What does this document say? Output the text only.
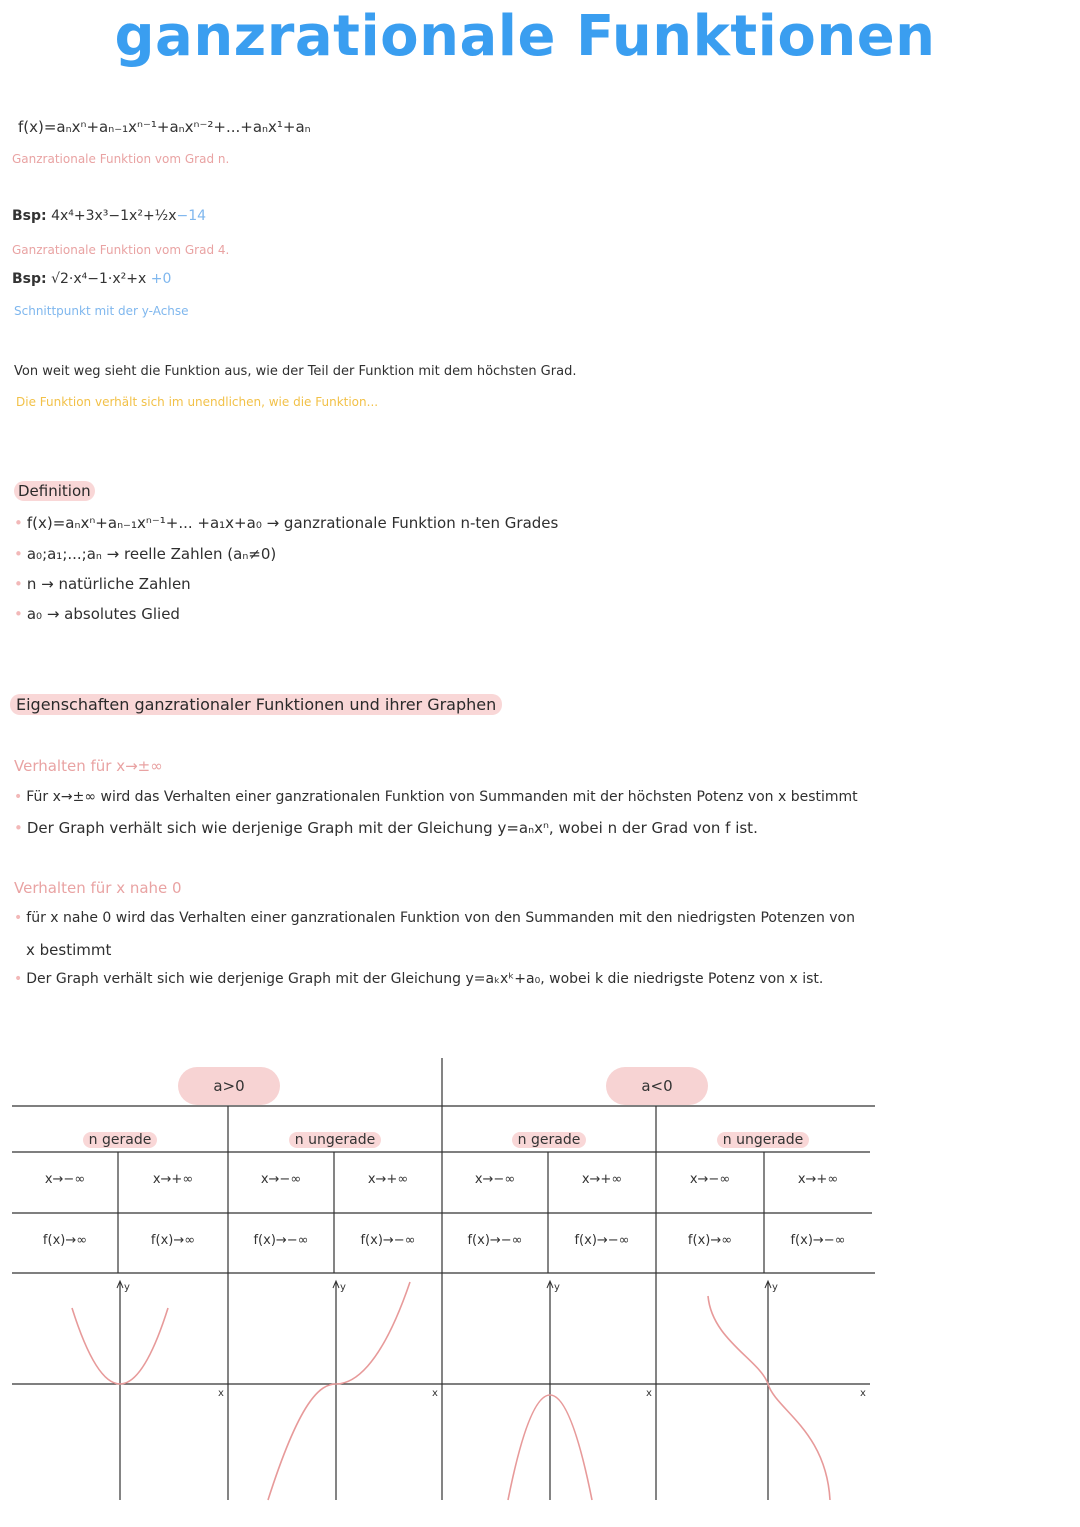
ganzrationale Funktionen
f(x)=aₙxⁿ+aₙ₋₁xⁿ⁻¹+aₙxⁿ⁻²+...+aₙx¹+aₙ
Ganzrationale Funktion vom Grad n.
Bsp: 4x⁴+3x³−1x²+½x−14
Ganzrationale Funktion vom Grad 4.
Bsp: √2·x⁴−1·x²+x +0
Schnittpunkt mit der y-Achse
Von weit weg sieht die Funktion aus, wie der Teil der Funktion mit dem höchsten Grad.
Die Funktion verhält sich im unendlichen, wie die Funktion...
Definition
• f(x)=aₙxⁿ+aₙ₋₁xⁿ⁻¹+... +a₁x+a₀ → ganzrationale Funktion n-ten Grades
• a₀;a₁;...;aₙ → reelle Zahlen (aₙ≠0)
• n → natürliche Zahlen
• a₀ → absolutes Glied
Eigenschaften ganzrationaler Funktionen und ihrer Graphen
Verhalten für x→±∞
• Für x→±∞ wird das Verhalten einer ganzrationalen Funktion von Summanden mit der höchsten Potenz von x bestimmt
• Der Graph verhält sich wie derjenige Graph mit der Gleichung y=aₙxⁿ, wobei n der Grad von f ist.
Verhalten für x nahe 0
• für x nahe 0 wird das Verhalten einer ganzrationalen Funktion von den Summanden mit den niedrigsten Potenzen von
x bestimmt
• Der Graph verhält sich wie derjenige Graph mit der Gleichung y=aₖxᵏ+a₀, wobei k die niedrigste Potenz von x ist.
a>0	a<0
y
x
y
x
y
x
y
x
n gerade	n ungerade	n gerade	n ungerade
x→−∞	x→+∞	x→−∞	x→+∞	x→−∞	x→+∞	x→−∞	x→+∞
f(x)→∞	f(x)→∞	f(x)→−∞	f(x)→−∞	f(x)→−∞	f(x)→−∞	f(x)→∞	f(x)→−∞
